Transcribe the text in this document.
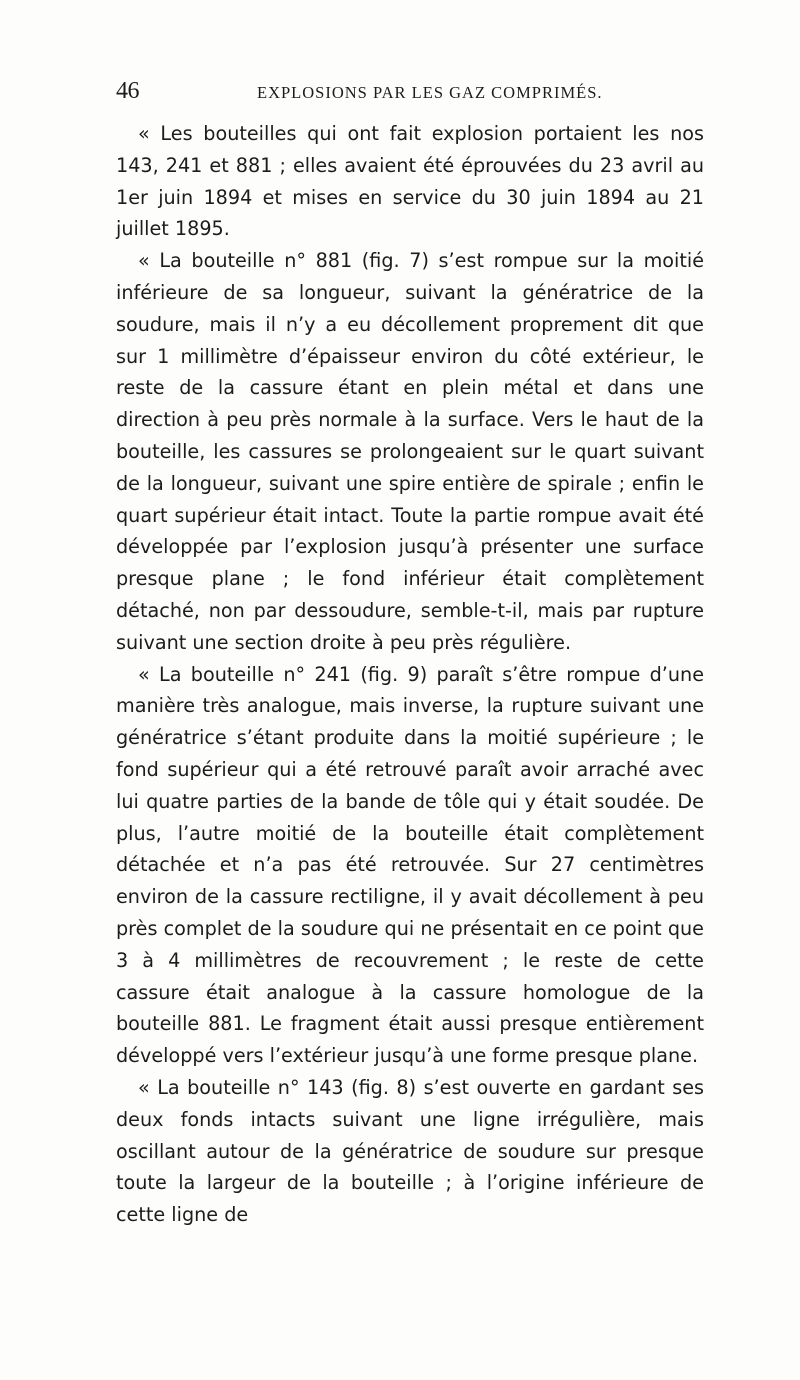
46	EXPLOSIONS PAR LES GAZ COMPRIMÉS.

« Les bouteilles qui ont fait explosion portaient les nos 143, 241 et 881 ; elles avaient été éprouvées du 23 avril au 1er juin 1894 et mises en service du 30 juin 1894 au 21 juillet 1895.

« La bouteille n° 881 (fig. 7) s’est rompue sur la moitié inférieure de sa longueur, suivant la génératrice de la soudure, mais il n’y a eu décollement proprement dit que sur 1 millimètre d’épaisseur environ du côté extérieur, le reste de la cassure étant en plein métal et dans une direction à peu près normale à la surface. Vers le haut de la bouteille, les cassures se prolongeaient sur le quart suivant de la longueur, suivant une spire entière de spirale ; enfin le quart supérieur était intact. Toute la partie rompue avait été développée par l’explosion jusqu’à présenter une surface presque plane ; le fond inférieur était complètement détaché, non par dessoudure, semble-t-il, mais par rupture suivant une section droite à peu près régulière.

« La bouteille n° 241 (fig. 9) paraît s’être rompue d’une manière très analogue, mais inverse, la rupture suivant une génératrice s’étant produite dans la moitié supérieure ; le fond supérieur qui a été retrouvé paraît avoir arraché avec lui quatre parties de la bande de tôle qui y était soudée. De plus, l’autre moitié de la bouteille était complètement détachée et n’a pas été retrouvée. Sur 27 centimètres environ de la cassure rectiligne, il y avait décollement à peu près complet de la soudure qui ne présentait en ce point que 3 à 4 millimètres de recouvrement ; le reste de cette cassure était analogue à la cassure homologue de la bouteille 881. Le fragment était aussi presque entièrement développé vers l’extérieur jusqu’à une forme presque plane.

« La bouteille n° 143 (fig. 8) s’est ouverte en gardant ses deux fonds intacts suivant une ligne irrégulière, mais oscillant autour de la génératrice de soudure sur presque toute la largeur de la bouteille ; à l’origine inférieure de cette ligne de
